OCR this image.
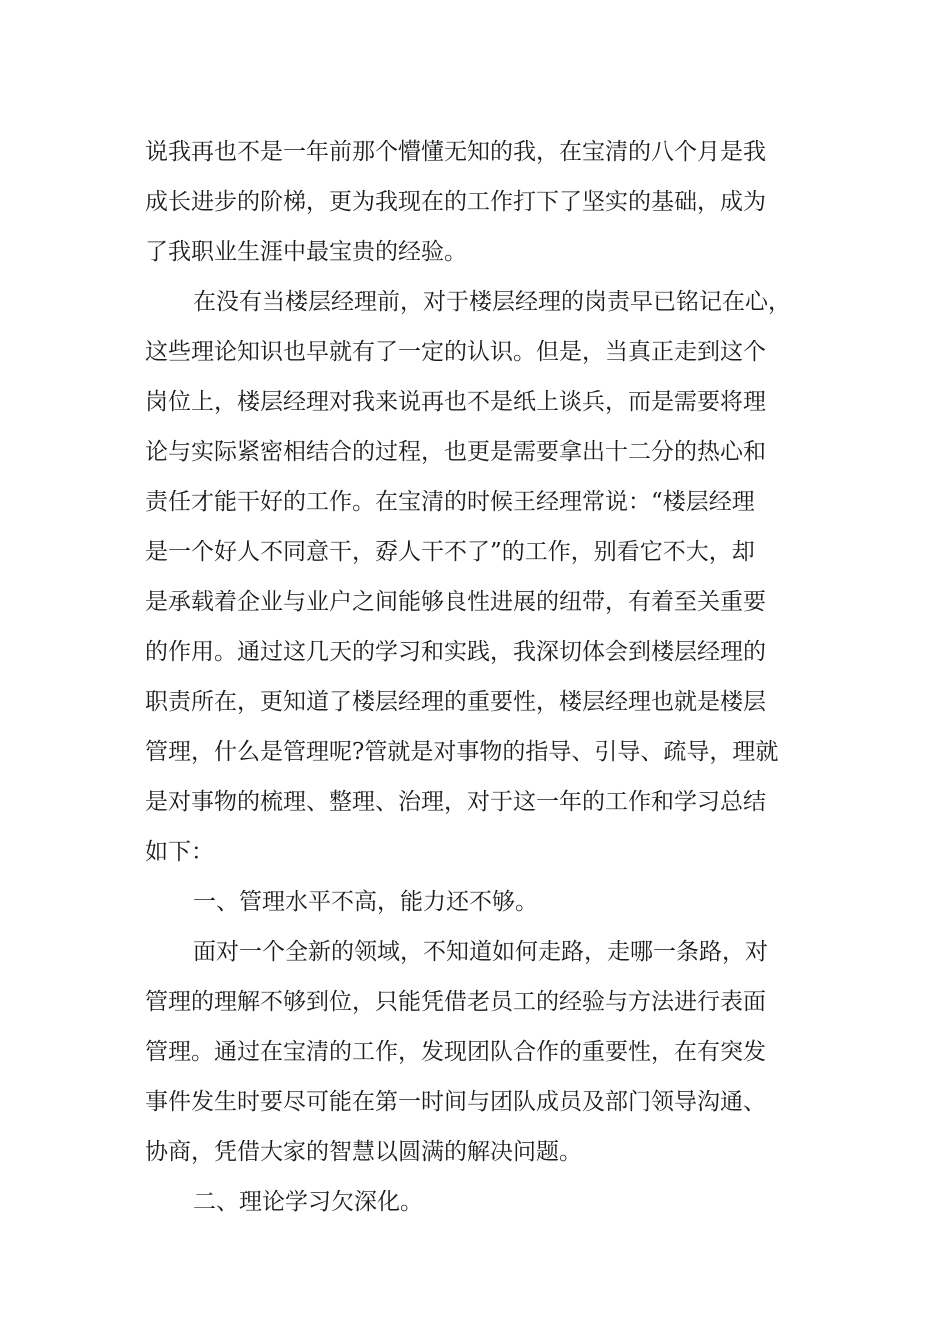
说我再也不是一年前那个懵懂无知的我，在宝清的八个月是我
成长进步的阶梯，更为我现在的工作打下了坚实的基础，成为
了我职业生涯中最宝贵的经验。
在没有当楼层经理前，对于楼层经理的岗责早已铭记在心，
这些理论知识也早就有了一定的认识。但是，当真正走到这个
岗位上，楼层经理对我来说再也不是纸上谈兵，而是需要将理
论与实际紧密相结合的过程，也更是需要拿出十二分的热心和
责任才能干好的工作。在宝清的时候王经理常说：“楼层经理
是一个好人不同意干，孬人干不了”的工作，别看它不大，却
是承载着企业与业户之间能够良性进展的纽带，有着至关重要
的作用。通过这几天的学习和实践，我深切体会到楼层经理的
职责所在，更知道了楼层经理的重要性，楼层经理也就是楼层
管理，什么是管理呢?管就是对事物的指导、引导、疏导，理就
是对事物的梳理、整理、治理，对于这一年的工作和学习总结
如下：
一、管理水平不高，能力还不够。
面对一个全新的领域，不知道如何走路，走哪一条路，对
管理的理解不够到位，只能凭借老员工的经验与方法进行表面
管理。通过在宝清的工作，发现团队合作的重要性，在有突发
事件发生时要尽可能在第一时间与团队成员及部门领导沟通、
协商，凭借大家的智慧以圆满的解决问题。
二、理论学习欠深化。
